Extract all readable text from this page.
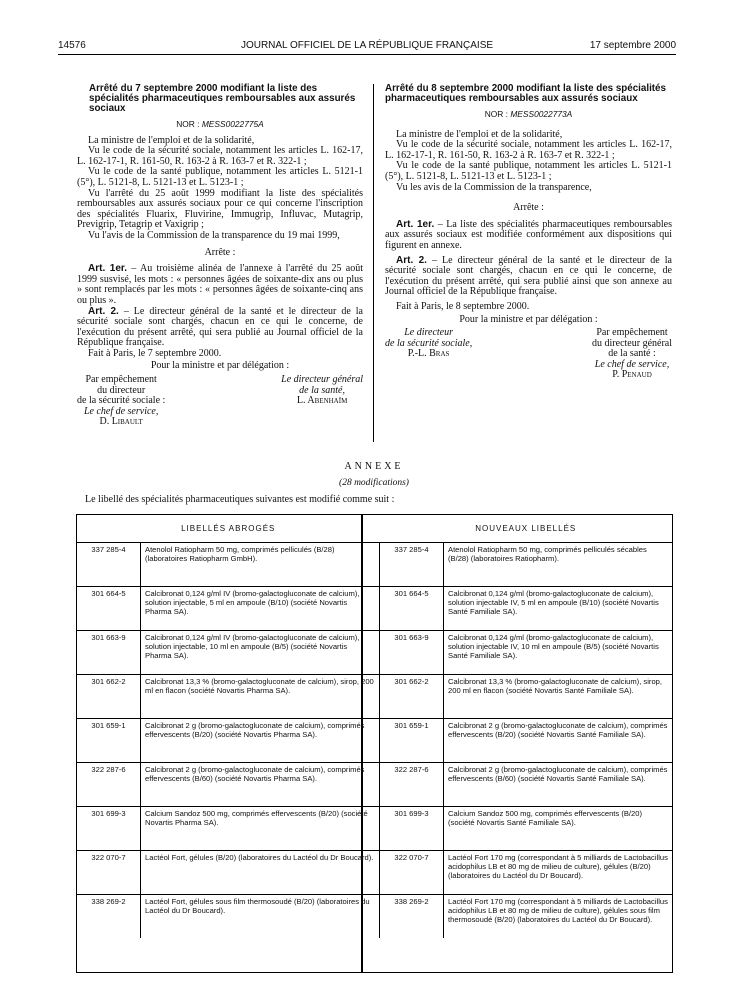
14576	JOURNAL OFFICIEL DE LA RÉPUBLIQUE FRANÇAISE	17 septembre 2000
Arrêté du 7 septembre 2000 modifiant la liste des spécialités pharmaceutiques remboursables aux assurés sociaux
NOR : MESS0022775A

La ministre de l'emploi et de la solidarité,

Vu le code de la sécurité sociale, notamment les articles L. 162-17, L. 162-17-1, R. 161-50, R. 163-2 à R. 163-7 et R. 322-1 ;

Vu le code de la santé publique, notamment les articles L. 5121-1 (5°), L. 5121-8, L. 5121-13 et L. 5123-1 ;

Vu l'arrêté du 25 août 1999 modifiant la liste des spécialités remboursables aux assurés sociaux pour ce qui concerne l'inscription des spécialités Fluarix, Fluvirine, Immugrip, Influvac, Mutagrip, Previgrip, Tetagrip et Vaxigrip ;

Vu l'avis de la Commission de la transparence du 19 mai 1999,

Arrête :

Art. 1er. – Au troisième alinéa de l'annexe à l'arrêté du 25 août 1999 susvisé, les mots : « personnes âgées de soixante-dix ans ou plus » sont remplacés par les mots : « personnes âgées de soixante-cinq ans ou plus ».

Art. 2. – Le directeur général de la santé et le directeur de la sécurité sociale sont chargés, chacun en ce qui le concerne, de l'exécution du présent arrêté, qui sera publié au Journal officiel de la République française.

Fait à Paris, le 7 septembre 2000.

Pour la ministre et par délégation :
Par empêchement
du directeur
de la sécurité sociale :
Le chef de service,
D. Libault
Le directeur général
de la santé,
L. Abenhaïm
Arrêté du 8 septembre 2000 modifiant la liste des spécialités pharmaceutiques remboursables aux assurés sociaux
NOR : MESS0022773A

La ministre de l'emploi et de la solidarité,

Vu le code de la sécurité sociale, notamment les articles L. 162-17, L. 162-17-1, R. 161-50, R. 163-2 à R. 163-7 et R. 322-1 ;

Vu le code de la santé publique, notamment les articles L. 5121-1 (5°), L. 5121-8, L. 5121-13 et L. 5123-1 ;

Vu les avis de la Commission de la transparence,

Arrête :

Art. 1er. – La liste des spécialités pharmaceutiques remboursables aux assurés sociaux est modifiée conformément aux dispositions qui figurent en annexe.

Art. 2. – Le directeur général de la santé et le directeur de la sécurité sociale sont chargés, chacun en ce qui le concerne, de l'exécution du présent arrêté, qui sera publié ainsi que son annexe au Journal officiel de la République française.

Fait à Paris, le 8 septembre 2000.

Pour la ministre et par délégation :
Le directeur
de la sécurité sociale,
P.-L. Bras
Par empêchement
du directeur général
de la santé :
Le chef de service,
P. Penaud
ANNEXE
(28 modifications)
Le libellé des spécialités pharmaceutiques suivantes est modifié comme suit :
LIBELLÉS ABROGÉS		NOUVEAUX LIBELLÉS	
337 285-4	Atenolol Ratiopharm 50 mg, comprimés pelliculés (B/28) (laboratoires Ratiopharm GmbH).	337 285-4	Atenolol Ratiopharm 50 mg, comprimés pelliculés sécables (B/28) (laboratoires Ratiopharm).
301 664-5	Calcibronat 0,124 g/ml IV (bromo-galactogluconate de calcium), solution injectable, 5 ml en ampoule (B/10) (société Novartis Pharma SA).	301 664-5	Calcibronat 0,124 g/ml (bromo-galactogluconate de calcium), solution injectable IV, 5 ml en ampoule (B/10) (société Novartis Santé Familiale SA).
301 663-9	Calcibronat 0,124 g/ml IV (bromo-galactogluconate de calcium), solution injectable, 10 ml en ampoule (B/5) (société Novartis Pharma SA).	301 663-9	Calcibronat 0,124 g/ml (bromo-galactogluconate de calcium), solution injectable IV, 10 ml en ampoule (B/5) (société Novartis Santé Familiale SA).
301 662-2	Calcibronat 13,3 % (bromo-galactogluconate de calcium), sirop, 200 ml en flacon (société Novartis Pharma SA).	301 662-2	Calcibronat 13,3 % (bromo-galactogluconate de calcium), sirop, 200 ml en flacon (société Novartis Santé Familiale SA).
301 659-1	Calcibronat 2 g (bromo-galactogluconate de calcium), comprimés effervescents (B/20) (société Novartis Pharma SA).	301 659-1	Calcibronat 2 g (bromo-galactogluconate de calcium), comprimés effervescents (B/20) (société Novartis Santé Familiale SA).
322 287-6	Calcibronat 2 g (bromo-galactogluconate de calcium), comprimés effervescents (B/60) (société Novartis Pharma SA).	322 287-6	Calcibronat 2 g (bromo-galactogluconate de calcium), comprimés effervescents (B/60) (société Novartis Santé Familiale SA).
301 699-3	Calcium Sandoz 500 mg, comprimés effervescents (B/20) (société Novartis Pharma SA).	301 699-3	Calcium Sandoz 500 mg, comprimés effervescents (B/20) (société Novartis Santé Familiale SA).
322 070-7	Lactéol Fort, gélules (B/20) (laboratoires du Lactéol du Dr Boucard).	322 070-7	Lactéol Fort 170 mg (correspondant à 5 milliards de Lactobacillus acidophilus LB et 80 mg de milieu de culture), gélules (B/20) (laboratoires du Lactéol du Dr Boucard).
338 269-2	Lactéol Fort, gélules sous film thermosoudé (B/20) (laboratoires du Lactéol du Dr Boucard).	338 269-2	Lactéol Fort 170 mg (correspondant à 5 milliards de Lactobacillus acidophilus LB et 80 mg de milieu de culture), gélules sous film thermosoudé (B/20) (laboratoires du Lactéol du Dr Boucard).
